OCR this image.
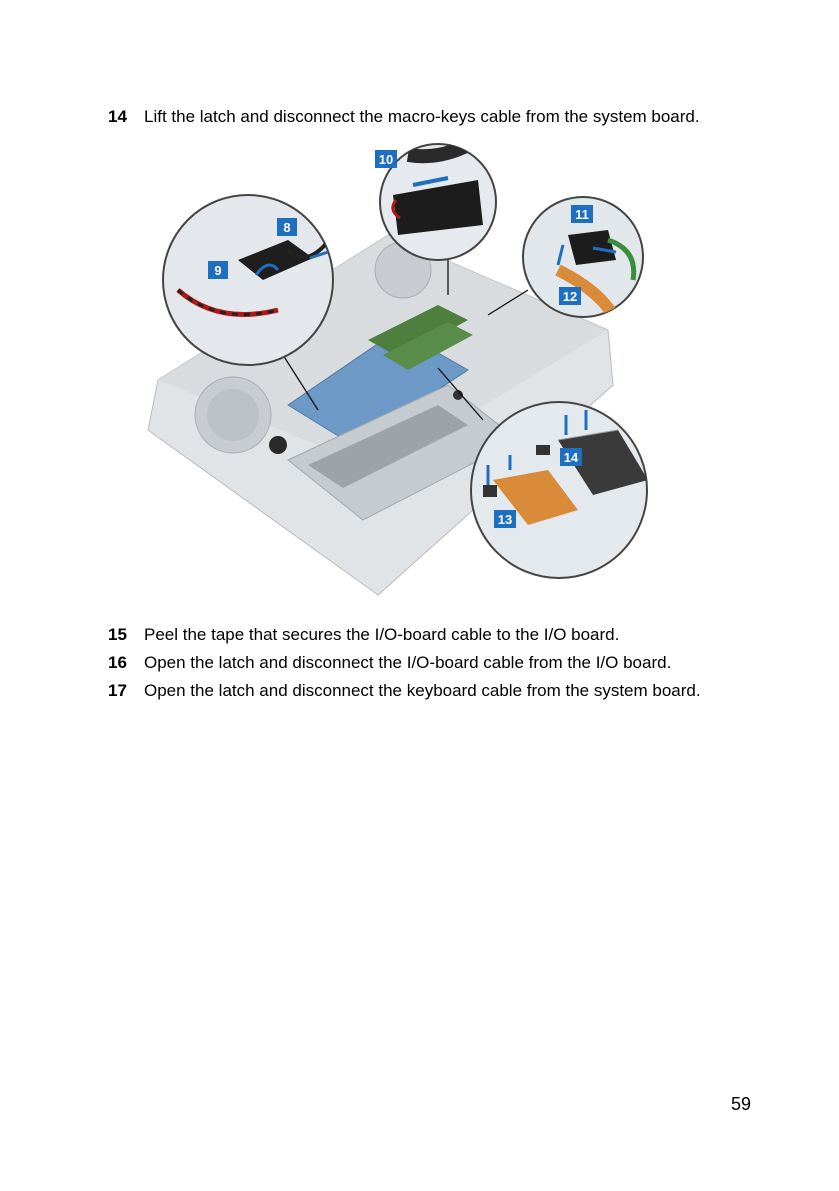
14 Lift the latch and disconnect the macro-keys cable from the system board.
8
9
10
11
12
13
14
15 Peel the tape that secures the I/O-board cable to the I/O board.
16 Open the latch and disconnect the I/O-board cable from the I/O board.
17 Open the latch and disconnect the keyboard cable from the system board.
59
